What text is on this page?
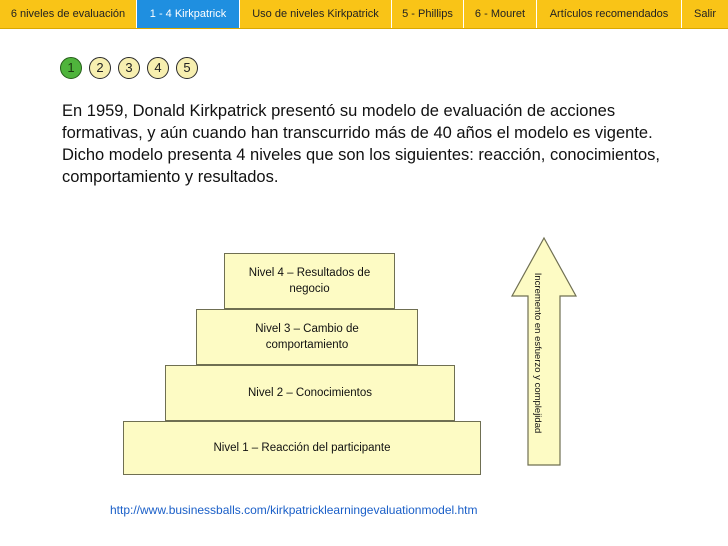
6 niveles de evaluación	1 - 4 Kirkpatrick	Uso de niveles Kirkpatrick	5 - Phillips	6 - Mouret	Artículos recomendados	Salir
1	2	3	4	5

En 1959, Donald Kirkpatrick presentó su modelo de evaluación de acciones formativas, y aún cuando han transcurrido más de 40 años el modelo es vigente. Dicho modelo presenta 4 niveles que son los siguientes: reacción, conocimientos, comportamiento y resultados.

Nivel 4 – Resultados de negocio
Nivel 3 – Cambio de comportamiento
Nivel 2 – Conocimientos
Nivel 1 – Reacción del participante
Incremento en esfuerzo y complejidad
http://www.businessballs.com/kirkpatricklearningevaluationmodel.htm
